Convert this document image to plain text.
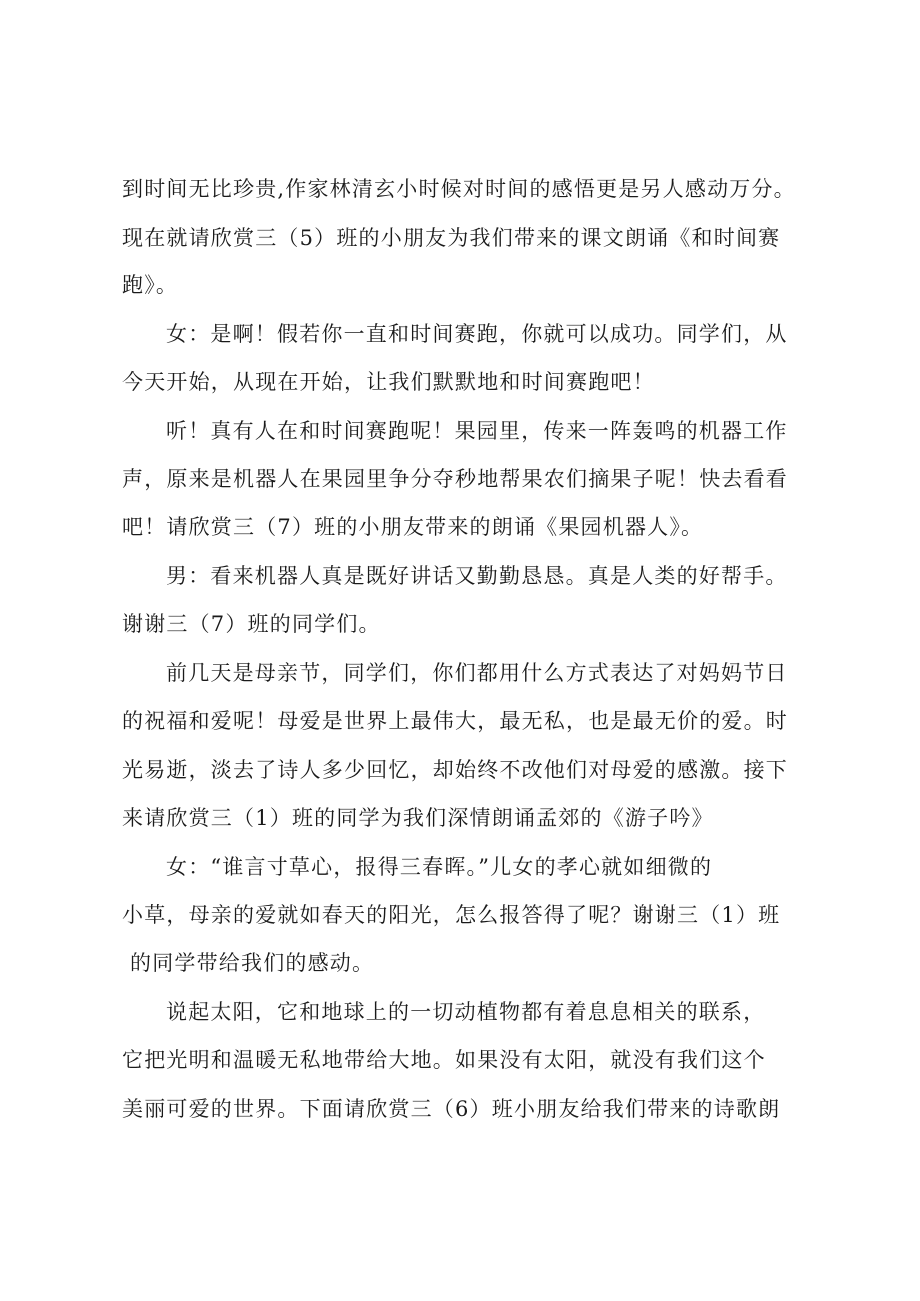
到时间无比珍贵,作家林清玄小时候对时间的感悟更是另人感动万分。
现在就请欣赏三（5）班的小朋友为我们带来的课文朗诵《和时间赛
跑》。
女：是啊！假若你一直和时间赛跑，你就可以成功。同学们，从
今天开始，从现在开始，让我们默默地和时间赛跑吧！
听！真有人在和时间赛跑呢！果园里，传来一阵轰鸣的机器工作
声，原来是机器人在果园里争分夺秒地帮果农们摘果子呢！快去看看
吧！请欣赏三（7）班的小朋友带来的朗诵《果园机器人》。
男：看来机器人真是既好讲话又勤勤恳恳。真是人类的好帮手。
谢谢三（7）班的同学们。
前几天是母亲节，同学们，你们都用什么方式表达了对妈妈节日
的祝福和爱呢！母爱是世界上最伟大，最无私，也是最无价的爱。时
光易逝，淡去了诗人多少回忆，却始终不改他们对母爱的感激。接下
来请欣赏三（1）班的同学为我们深情朗诵孟郊的《游子吟》
女：“谁言寸草心，报得三春晖。”儿女的孝心就如细微的
小草，母亲的爱就如春天的阳光，怎么报答得了呢？谢谢三（1）班
的同学带给我们的感动。
说起太阳，它和地球上的一切动植物都有着息息相关的联系，
它把光明和温暖无私地带给大地。如果没有太阳，就没有我们这个
美丽可爱的世界。下面请欣赏三（6）班小朋友给我们带来的诗歌朗
